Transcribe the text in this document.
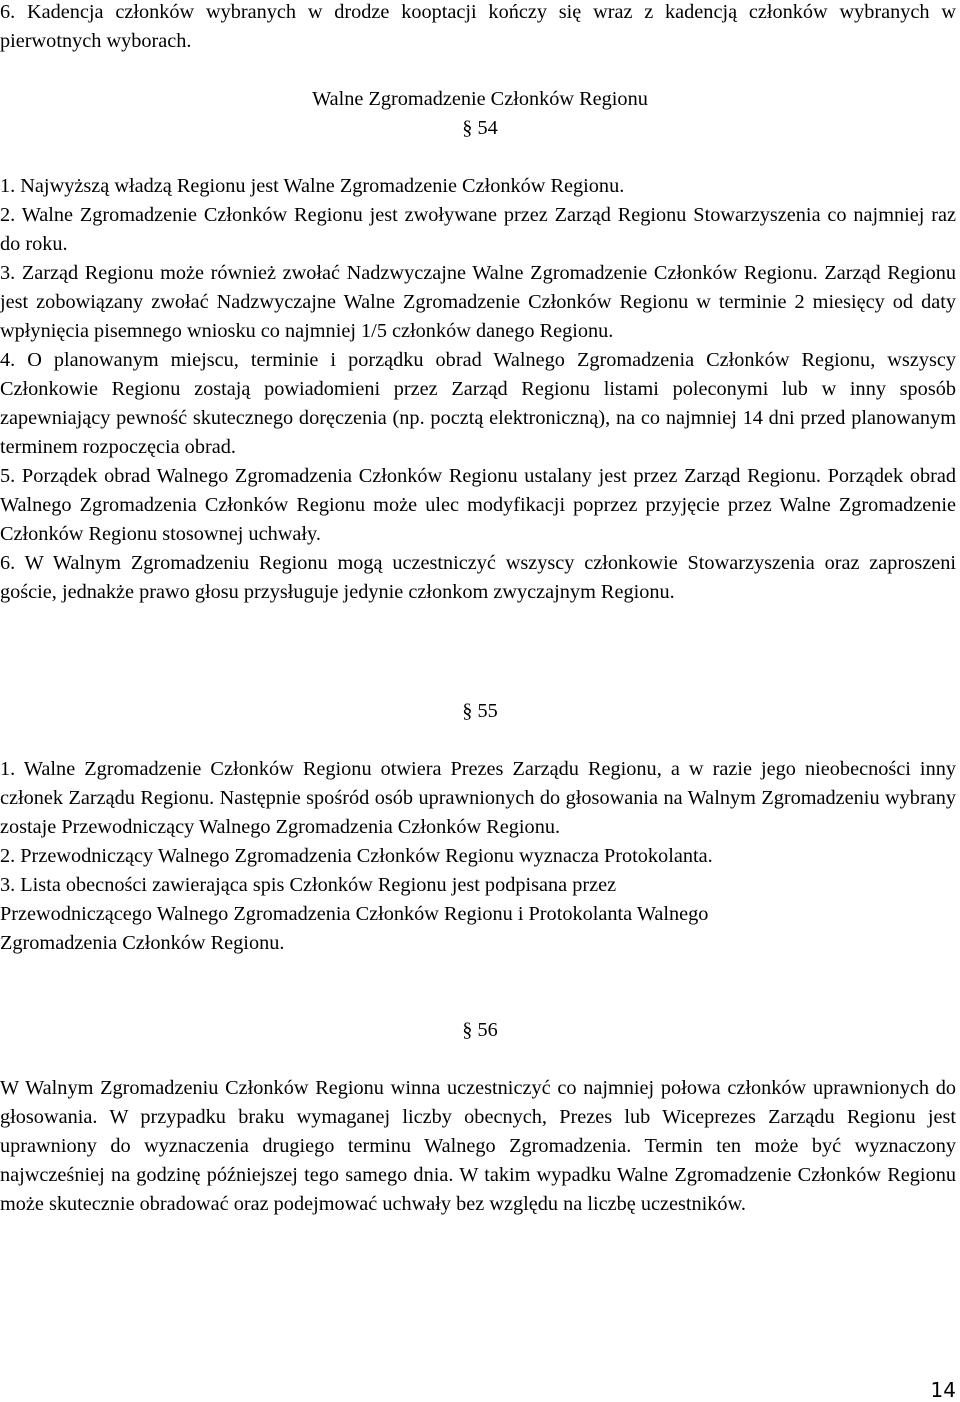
6. Kadencja członków wybranych w drodze kooptacji kończy się wraz z kadencją członków wybranych w pierwotnych wyborach.

Walne Zgromadzenie Członków Regionu
§ 54

1. Najwyższą władzą Regionu jest Walne Zgromadzenie Członków Regionu.

2. Walne Zgromadzenie Członków Regionu jest zwoływane przez Zarząd Regionu Stowarzyszenia co najmniej raz do roku.

3. Zarząd Regionu może również zwołać Nadzwyczajne Walne Zgromadzenie Członków Regionu. Zarząd Regionu jest zobowiązany zwołać Nadzwyczajne Walne Zgromadzenie Członków Regionu w terminie 2 miesięcy od daty wpłynięcia pisemnego wniosku co najmniej 1/5 członków danego Regionu.

4. O planowanym miejscu, terminie i porządku obrad Walnego Zgromadzenia Członków Regionu, wszyscy Członkowie Regionu zostają powiadomieni przez Zarząd Regionu listami poleconymi lub w inny sposób zapewniający pewność skutecznego doręczenia (np. pocztą elektroniczną), na co najmniej 14 dni przed planowanym terminem rozpoczęcia obrad.

5. Porządek obrad Walnego Zgromadzenia Członków Regionu ustalany jest przez Zarząd Regionu. Porządek obrad Walnego Zgromadzenia Członków Regionu może ulec modyfikacji poprzez przyjęcie przez Walne Zgromadzenie Członków Regionu stosownej uchwały.

6. W Walnym Zgromadzeniu Regionu mogą uczestniczyć wszyscy członkowie Stowarzyszenia oraz zaproszeni goście, jednakże prawo głosu przysługuje jedynie członkom zwyczajnym Regionu.

§ 55

1. Walne Zgromadzenie Członków Regionu otwiera Prezes Zarządu Regionu, a w razie jego nieobecności inny członek Zarządu Regionu. Następnie spośród osób uprawnionych do głosowania na Walnym Zgromadzeniu wybrany zostaje Przewodniczący Walnego Zgromadzenia Członków Regionu.

2. Przewodniczący Walnego Zgromadzenia Członków Regionu wyznacza Protokolanta.

3. Lista obecności zawierająca spis Członków Regionu jest podpisana przez

Przewodniczącego Walnego Zgromadzenia Członków Regionu i Protokolanta Walnego

Zgromadzenia Członków Regionu.

§ 56

W Walnym Zgromadzeniu Członków Regionu winna uczestniczyć co najmniej połowa członków uprawnionych do głosowania. W przypadku braku wymaganej liczby obecnych, Prezes lub Wiceprezes Zarządu Regionu jest uprawniony do wyznaczenia drugiego terminu Walnego Zgromadzenia. Termin ten może być wyznaczony najwcześniej na godzinę późniejszej tego samego dnia. W takim wypadku Walne Zgromadzenie Członków Regionu może skutecznie obradować oraz podejmować uchwały bez względu na liczbę uczestników.

14
